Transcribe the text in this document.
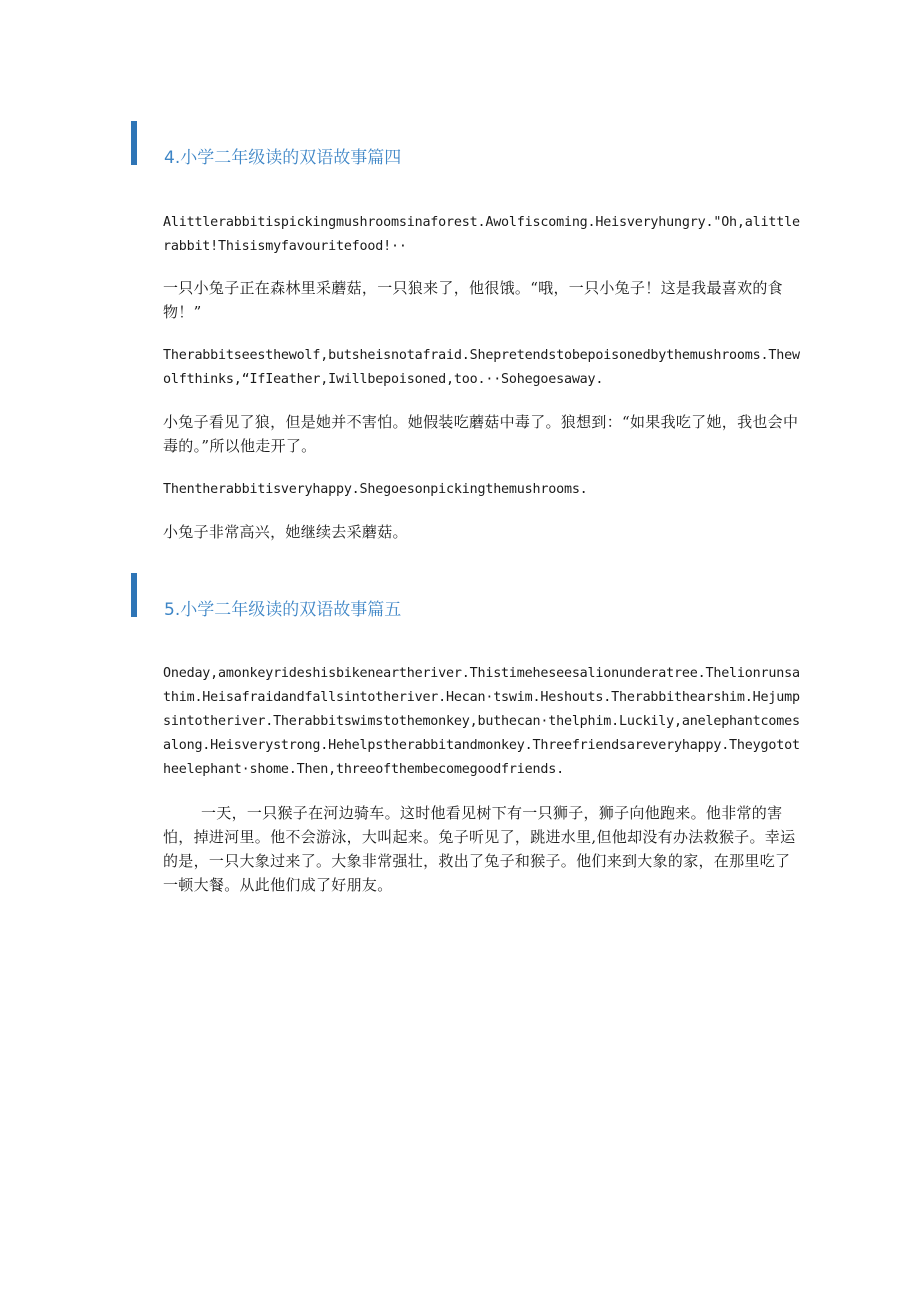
4.小学二年级读的双语故事篇四

Alittlerabbitispickingmushroomsinaforest.Awolfiscoming.Heisveryhungry."Oh,alittlerabbit!Thisismyfavouritefood!··

一只小兔子正在森林里采蘑菇，一只狼来了，他很饿。“哦，一只小兔子！这是我最喜欢的食物！”

Therabbitseesthewolf,butsheisnotafraid.Shepretendstobepoisonedbythemushrooms.Thewolfthinks,“IfIeather,Iwillbepoisoned,too.··Sohegoesaway.

小兔子看见了狼，但是她并不害怕。她假装吃蘑菇中毒了。狼想到：“如果我吃了她，我也会中毒的。”所以他走开了。

Thentherabbitisveryhappy.Shegoesonpickingthemushrooms.

小兔子非常高兴，她继续去采蘑菇。

5.小学二年级读的双语故事篇五

Oneday,amonkeyrideshisbikeneartheriver.Thistimeheseesalionunderatree.Thelionrunsathim.Heisafraidandfallsintotheriver.Hecan·tswim.Heshouts.Therabbithearshim.Hejumpsintotheriver.Therabbitswimstothemonkey,buthecan·thelphim.Luckily,anelephantcomesalong.Heisverystrong.Hehelpstherabbitandmonkey.Threefriendsareveryhappy.Theygototheelephant·shome.Then,threeofthembecomegoodfriends.

一天，一只猴子在河边骑车。这时他看见树下有一只狮子，狮子向他跑来。他非常的害怕，掉进河里。他不会游泳，大叫起来。兔子听见了，跳进水里,但他却没有办法救猴子。幸运的是，一只大象过来了。大象非常强壮，救出了兔子和猴子。他们来到大象的家，在那里吃了一顿大餐。从此他们成了好朋友。
